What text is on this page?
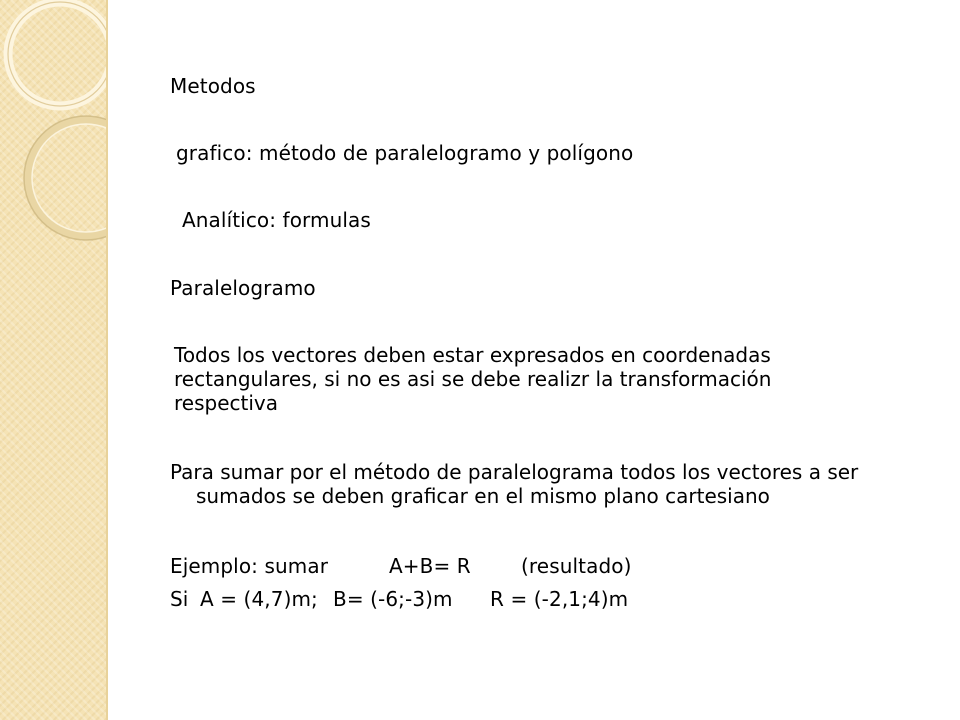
Metodos
grafico: método de paralelogramo y polígono
Analítico: formulas
Paralelogramo
Todos los vectores deben estar expresados en coordenadas
rectangulares, si no es asi se debe realizr la transformación
respectiva
Para sumar por el método de paralelograma todos los vectores a ser
sumados se deben graficar en el mismo plano cartesiano
Ejemplo: sumar	A+B= R	(resultado)
Si A = (4,7)m; B= (-6;-3)m R = (-2,1;4)m
